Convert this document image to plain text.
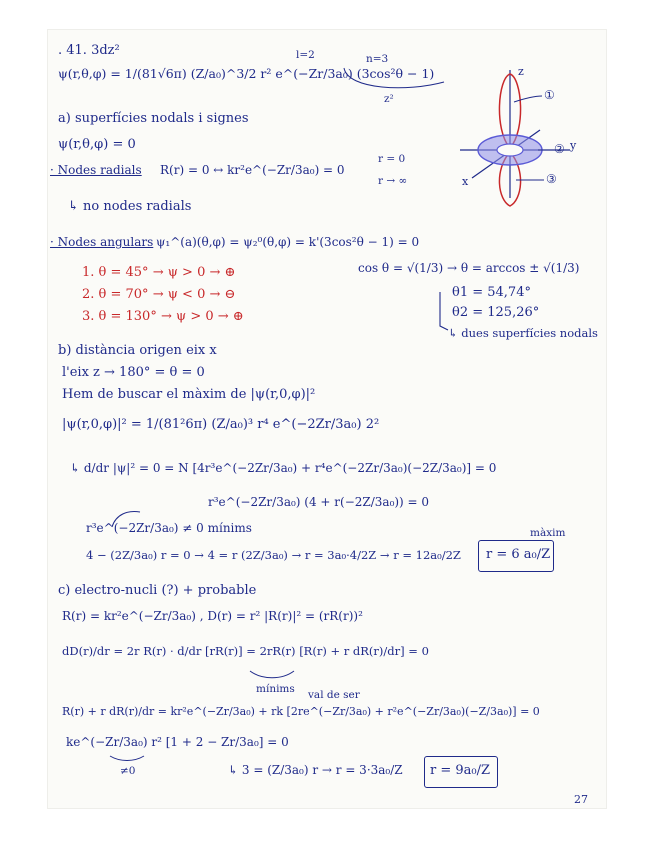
. 41. 3dz²
ψ(r,θ,φ) = 1/(81√6π) (Z/a₀)^3/2 r² e^(−Zr/3a₀) (3cos²θ − 1)
l=2	n=3
z²
z
y
x
①
②
③
a) superfícies nodals i signes
ψ(r,θ,φ) = 0
· Nodes radials R(r) = 0 ↔ kr²e^(−Zr/3a₀) = 0
r = 0
r → ∞
↳ no nodes radials
· Nodes angulars ψ₁^(a)(θ,φ) = ψ₂⁰(θ,φ) = k'(3cos²θ − 1) = 0
cos θ = √(1/3) → θ = arccos ± √(1/3)
θ1 = 54,74°
θ2 = 125,26°
↳ dues superfícies nodals
1. θ = 45° → ψ > 0 → ⊕
2. θ = 70° → ψ < 0 → ⊖
3. θ = 130° → ψ > 0 → ⊕
b) distància origen eix x
l'eix z → 180° = θ = 0
Hem de buscar el màxim de |ψ(r,0,φ)|²
|ψ(r,0,φ)|² = 1/(81²6π) (Z/a₀)³ r⁴ e^(−2Zr/3a₀) 2²
↳ d/dr |ψ|² = 0 = N [4r³e^(−2Zr/3a₀) + r⁴e^(−2Zr/3a₀)(−2Z/3a₀)] = 0
r³e^(−2Zr/3a₀) (4 + r(−2Z/3a₀)) = 0
r³e^(−2Zr/3a₀) ≠ 0 mínims
4 − (2Z/3a₀) r = 0 → 4 = r (2Z/3a₀) → r = 3a₀·4/2Z → r = 12a₀/2Z r = 6 a₀/Z
màxim
c) electro-nucli (?) + probable
R(r) = kr²e^(−Zr/3a₀) , D(r) = r² |R(r)|² = (rR(r))²
dD(r)/dr = 2r R(r) · d/dr [rR(r)] = 2rR(r) [R(r) + r dR(r)/dr] = 0
mínims val de ser
R(r) + r dR(r)/dr = kr²e^(−Zr/3a₀) + rk [2re^(−Zr/3a₀) + r²e^(−Zr/3a₀)(−Z/3a₀)] = 0
ke^(−Zr/3a₀) r² [1 + 2 − Zr/3a₀] = 0
≠0	↳ 3 = (Z/3a₀) r → r = 3·3a₀/Z r = 9a₀/Z
27
